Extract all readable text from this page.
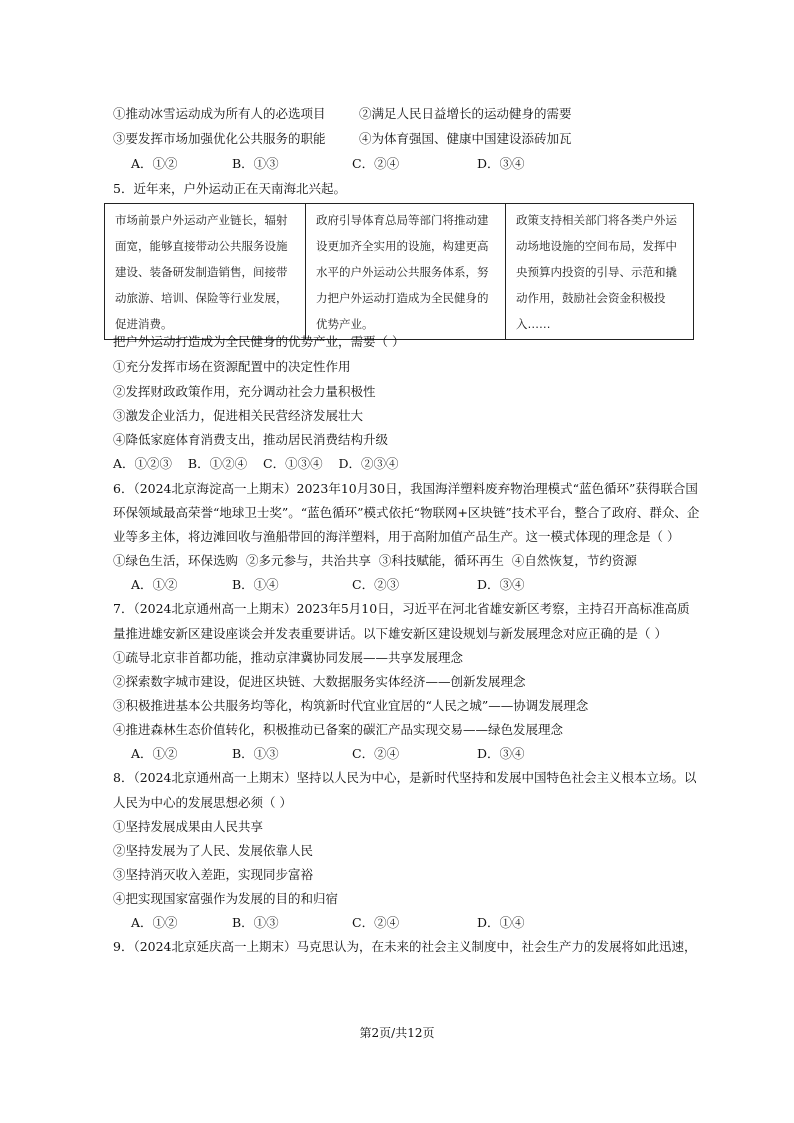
①推动冰雪运动成为所有人的必选项目	②满足人民日益增长的运动健身的需要
③要发挥市场加强优化公共服务的职能	④为体育强国、健康中国建设添砖加瓦
A．①②	B．①③	C．②④	D．③④
5．近年来，户外运动正在天南海北兴起。
市场前景户外运动产业链长，辐射面宽，能够直接带动公共服务设施建设、装备研发制造销售，间接带动旅游、培训、保险等行业发展，促进消费。	政府引导体育总局等部门将推动建设更加齐全实用的设施，构建更高水平的户外运动公共服务体系，努力把户外运动打造成为全民健身的优势产业。	政策支持相关部门将各类户外运动场地设施的空间布局，发挥中央预算内投资的引导、示范和撬动作用，鼓励社会资金积极投入……
把户外运动打造成为全民健身的优势产业，需要（ ）
①充分发挥市场在资源配置中的决定性作用
②发挥财政政策作用，充分调动社会力量积极性
③激发企业活力，促进相关民营经济发展壮大
④降低家庭体育消费支出，推动居民消费结构升级
A．①②③    B．①②④    C．①③④    D．②③④
6．（2024北京海淀高一上期末）2023年10月30日，我国海洋塑料废弃物治理模式“蓝色循环”获得联合国
环保领域最高荣誉“地球卫士奖”。“蓝色循环”模式依托“物联网+区块链”技术平台，整合了政府、群众、企
业等多主体，将边滩回收与渔船带回的海洋塑料，用于高附加值产品生产。这一模式体现的理念是（ ）
①绿色生活，环保选购  ②多元参与，共治共享  ③科技赋能，循环再生  ④自然恢复，节约资源
A．①②	B．①④	C．②③	D．③④
7．（2024北京通州高一上期末）2023年5月10日，习近平在河北省雄安新区考察，主持召开高标准高质
量推进雄安新区建设座谈会并发表重要讲话。以下雄安新区建设规划与新发展理念对应正确的是（ ）
①疏导北京非首都功能，推动京津冀协同发展——共享发展理念
②探索数字城市建设，促进区块链、大数据服务实体经济——创新发展理念
③积极推进基本公共服务均等化，构筑新时代宜业宜居的“人民之城”——协调发展理念
④推进森林生态价值转化，积极推动已备案的碳汇产品实现交易——绿色发展理念
A．①②	B．①③	C．②④	D．③④
8．（2024北京通州高一上期末）坚持以人民为中心，是新时代坚持和发展中国特色社会主义根本立场。以
人民为中心的发展思想必须（ ）
①坚持发展成果由人民共享
②坚持发展为了人民、发展依靠人民
③坚持消灭收入差距，实现同步富裕
④把实现国家富强作为发展的目的和归宿
A．①②	B．①③	C．②④	D．①④
9．（2024北京延庆高一上期末）马克思认为，在未来的社会主义制度中，社会生产力的发展将如此迅速，
第2页/共12页
